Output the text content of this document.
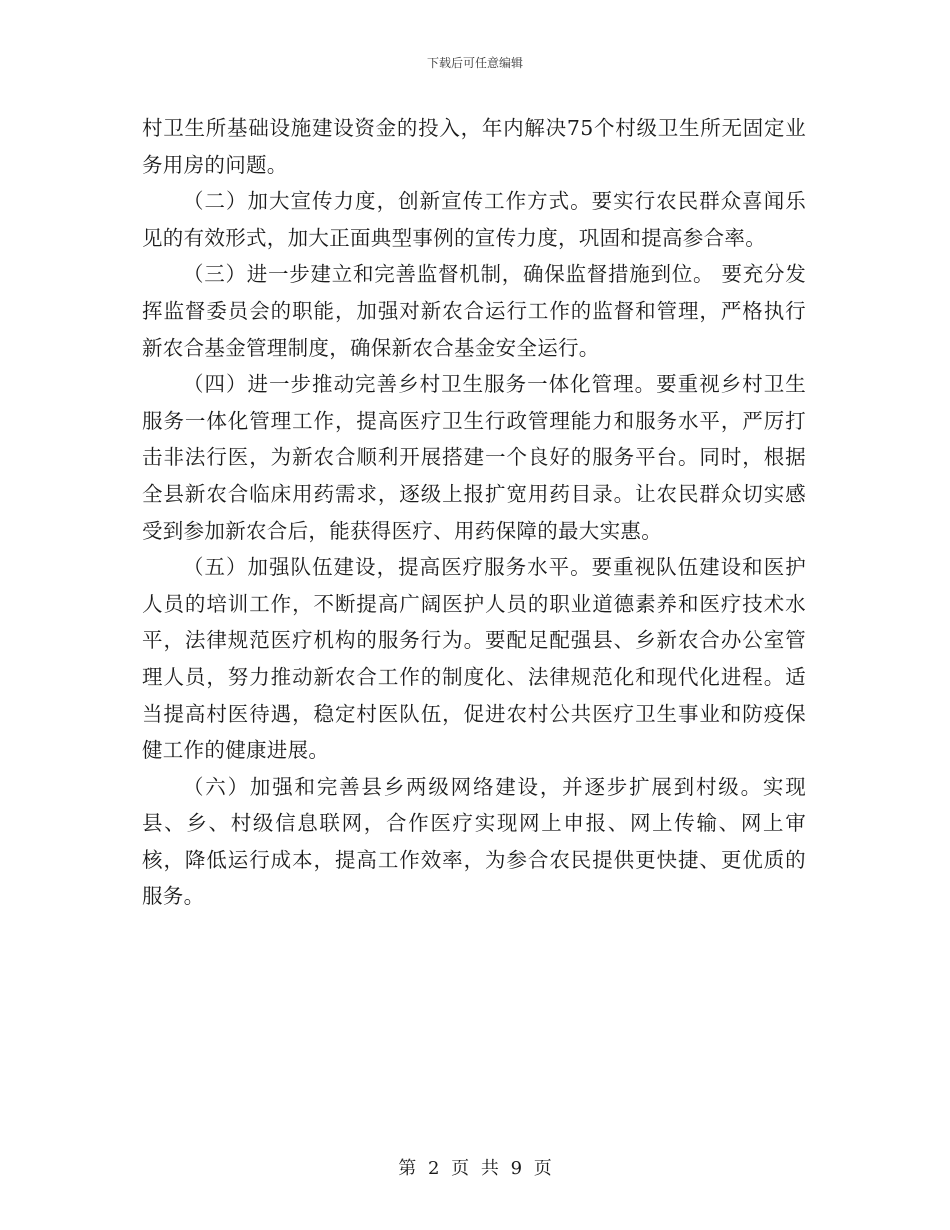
下载后可任意编辑

村卫生所基础设施建设资金的投入，年内解决75个村级卫生所无固定业务用房的问题。

（二）加大宣传力度，创新宣传工作方式。要实行农民群众喜闻乐见的有效形式，加大正面典型事例的宣传力度，巩固和提高参合率。

（三）进一步建立和完善监督机制，确保监督措施到位。 要充分发挥监督委员会的职能，加强对新农合运行工作的监督和管理，严格执行新农合基金管理制度，确保新农合基金安全运行。

（四）进一步推动完善乡村卫生服务一体化管理。要重视乡村卫生服务一体化管理工作，提高医疗卫生行政管理能力和服务水平，严厉打击非法行医，为新农合顺利开展搭建一个良好的服务平台。同时，根据全县新农合临床用药需求，逐级上报扩宽用药目录。让农民群众切实感受到参加新农合后，能获得医疗、用药保障的最大实惠。

（五）加强队伍建设，提高医疗服务水平。要重视队伍建设和医护人员的培训工作，不断提高广阔医护人员的职业道德素养和医疗技术水平，法律规范医疗机构的服务行为。要配足配强县、乡新农合办公室管理人员，努力推动新农合工作的制度化、法律规范化和现代化进程。适当提高村医待遇，稳定村医队伍，促进农村公共医疗卫生事业和防疫保健工作的健康进展。

（六）加强和完善县乡两级网络建设，并逐步扩展到村级。实现县、乡、村级信息联网，合作医疗实现网上申报、网上传输、网上审核，降低运行成本，提高工作效率，为参合农民提供更快捷、更优质的服务。

第 2 页 共 9 页
